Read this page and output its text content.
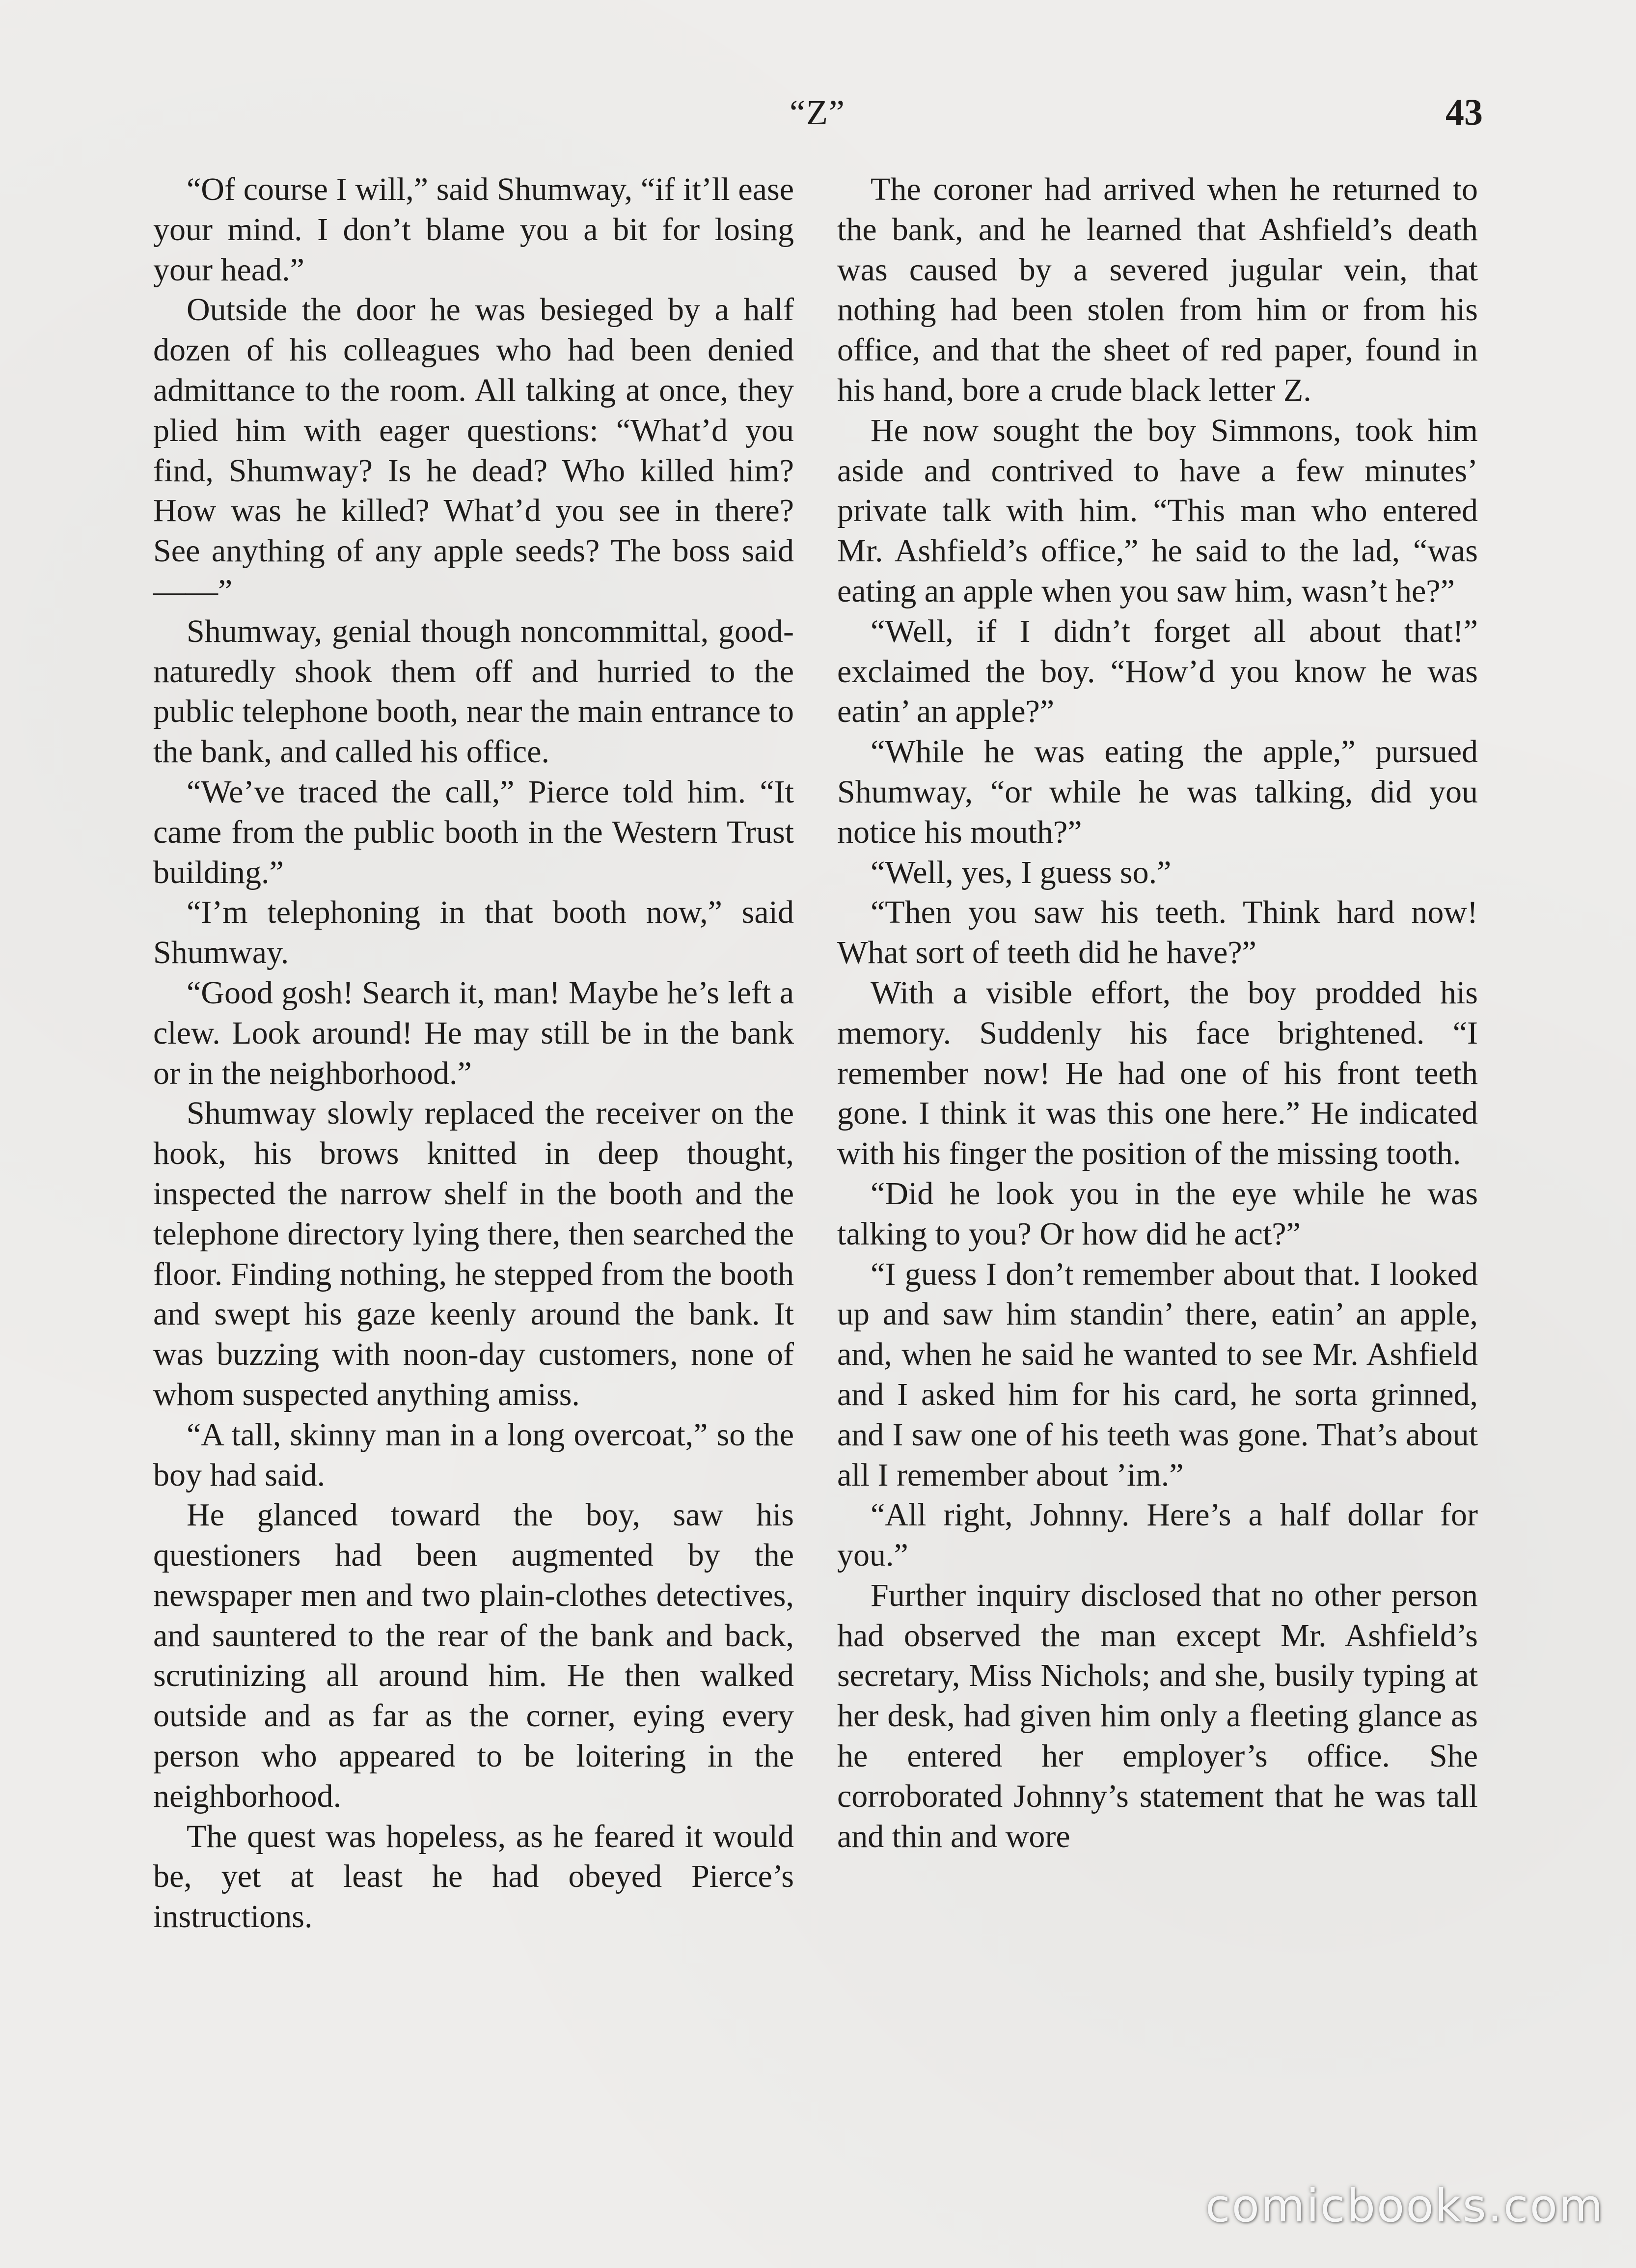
“Z”	43

“Of course I will,” said Shumway, “if it’ll ease your mind. I don’t blame you a bit for losing your head.”

Outside the door he was besieged by a half dozen of his colleagues who had been denied admittance to the room. All talking at once, they plied him with eager questions: “What’d you find, Shumway? Is he dead? Who killed him? How was he killed? What’d you see in there? See anything of any apple seeds? The boss said——”

Shumway, genial though noncommittal, good-naturedly shook them off and hurried to the public telephone booth, near the main entrance to the bank, and called his office.

“We’ve traced the call,” Pierce told him. “It came from the public booth in the Western Trust building.”

“I’m telephoning in that booth now,” said Shumway.

“Good gosh! Search it, man! Maybe he’s left a clew. Look around! He may still be in the bank or in the neighborhood.”

Shumway slowly replaced the receiver on the hook, his brows knitted in deep thought, inspected the narrow shelf in the booth and the telephone directory lying there, then searched the floor. Finding nothing, he stepped from the booth and swept his gaze keenly around the bank. It was buzzing with noon-day customers, none of whom suspected anything amiss.

“A tall, skinny man in a long overcoat,” so the boy had said.

He glanced toward the boy, saw his questioners had been augmented by the newspaper men and two plain-clothes detectives, and sauntered to the rear of the bank and back, scrutinizing all around him. He then walked outside and as far as the corner, eying every person who appeared to be loitering in the neighborhood.

The quest was hopeless, as he feared it would be, yet at least he had obeyed Pierce’s instructions.

The coroner had arrived when he returned to the bank, and he learned that Ashfield’s death was caused by a severed jugular vein, that nothing had been stolen from him or from his office, and that the sheet of red paper, found in his hand, bore a crude black letter Z.

He now sought the boy Simmons, took him aside and contrived to have a few minutes’ private talk with him. “This man who entered Mr. Ashfield’s office,” he said to the lad, “was eating an apple when you saw him, wasn’t he?”

“Well, if I didn’t forget all about that!” exclaimed the boy. “How’d you know he was eatin’ an apple?”

“While he was eating the apple,” pursued Shumway, “or while he was talking, did you notice his mouth?”

“Well, yes, I guess so.”

“Then you saw his teeth. Think hard now! What sort of teeth did he have?”

With a visible effort, the boy prodded his memory. Suddenly his face brightened. “I remember now! He had one of his front teeth gone. I think it was this one here.” He indicated with his finger the position of the missing tooth.

“Did he look you in the eye while he was talking to you? Or how did he act?”

“I guess I don’t remember about that. I looked up and saw him standin’ there, eatin’ an apple, and, when he said he wanted to see Mr. Ashfield and I asked him for his card, he sorta grinned, and I saw one of his teeth was gone. That’s about all I remember about ’im.”

“All right, Johnny. Here’s a half dollar for you.”

Further inquiry disclosed that no other person had observed the man except Mr. Ashfield’s secretary, Miss Nichols; and she, busily typing at her desk, had given him only a fleeting glance as he entered her employer’s office. She corroborated Johnny’s statement that he was tall and thin and wore

comicbooks.com
